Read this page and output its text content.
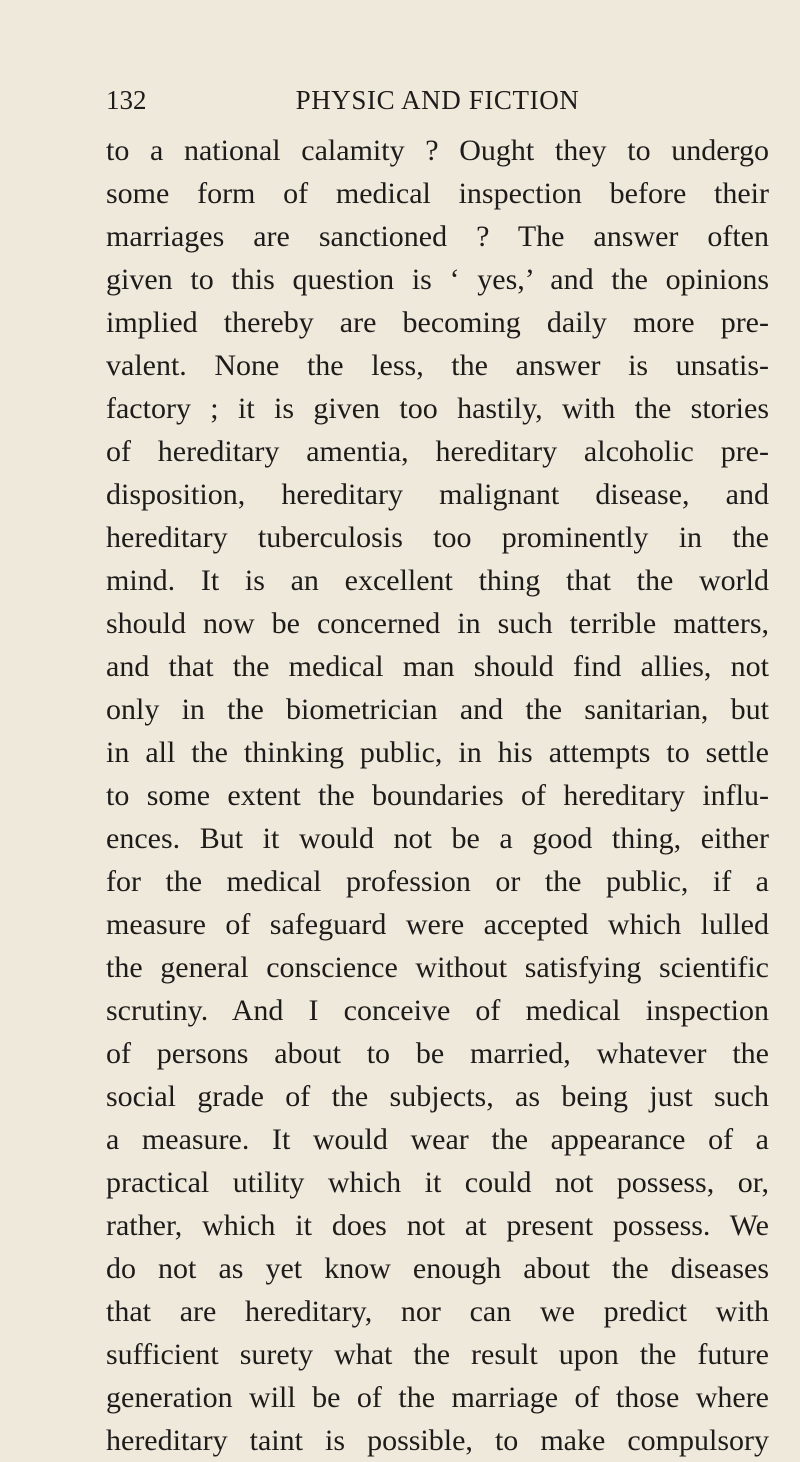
132	PHYSIC AND FICTION
to a national calamity ? Ought they to undergo
some form of medical inspection before their
marriages are sanctioned ? The answer often
given to this question is ‘ yes,’ and the opinions
implied thereby are becoming daily more pre-
valent. None the less, the answer is unsatis-
factory ; it is given too hastily, with the stories
of hereditary amentia, hereditary alcoholic pre-
disposition, hereditary malignant disease, and
hereditary tuberculosis too prominently in the
mind. It is an excellent thing that the world
should now be concerned in such terrible matters,
and that the medical man should find allies, not
only in the biometrician and the sanitarian, but
in all the thinking public, in his attempts to settle
to some extent the boundaries of hereditary influ-
ences. But it would not be a good thing, either
for the medical profession or the public, if a
measure of safeguard were accepted which lulled
the general conscience without satisfying scientific
scrutiny. And I conceive of medical inspection
of persons about to be married, whatever the
social grade of the subjects, as being just such
a measure. It would wear the appearance of a
practical utility which it could not possess, or,
rather, which it does not at present possess. We
do not as yet know enough about the diseases
that are hereditary, nor can we predict with
sufficient surety what the result upon the future
generation will be of the marriage of those where
hereditary taint is possible, to make compulsory
